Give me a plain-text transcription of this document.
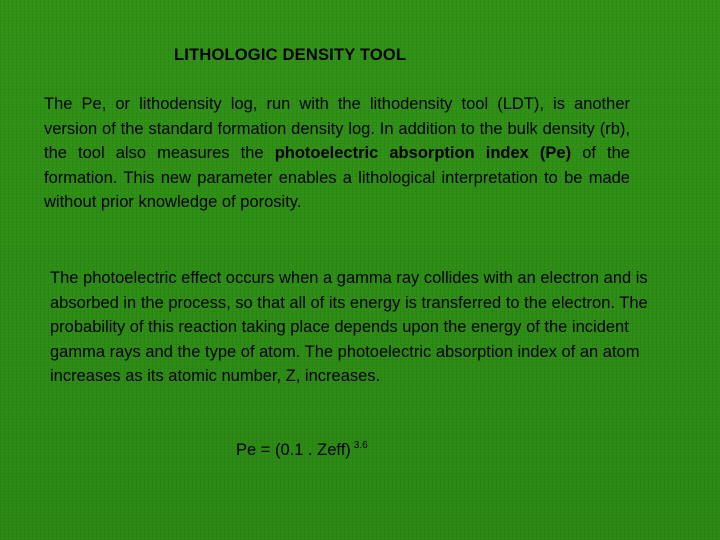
LITHOLOGIC DENSITY TOOL
The Pe, or lithodensity log, run with the lithodensity tool (LDT), is another version of the standard formation density log. In addition to the bulk density (rb), the tool also measures the photoelectric absorption index (Pe) of the formation. This new parameter enables a lithological interpretation to be made without prior knowledge of porosity.
The photoelectric effect occurs when a gamma ray collides with an electron and is absorbed in the process, so that all of its energy is transferred to the electron. The probability of this reaction taking place depends upon the energy of the incident gamma rays and the type of atom. The photoelectric absorption index of an atom increases as its atomic number, Z, increases.
Pe = (0.1 . Zeff) $^{3.6}$
